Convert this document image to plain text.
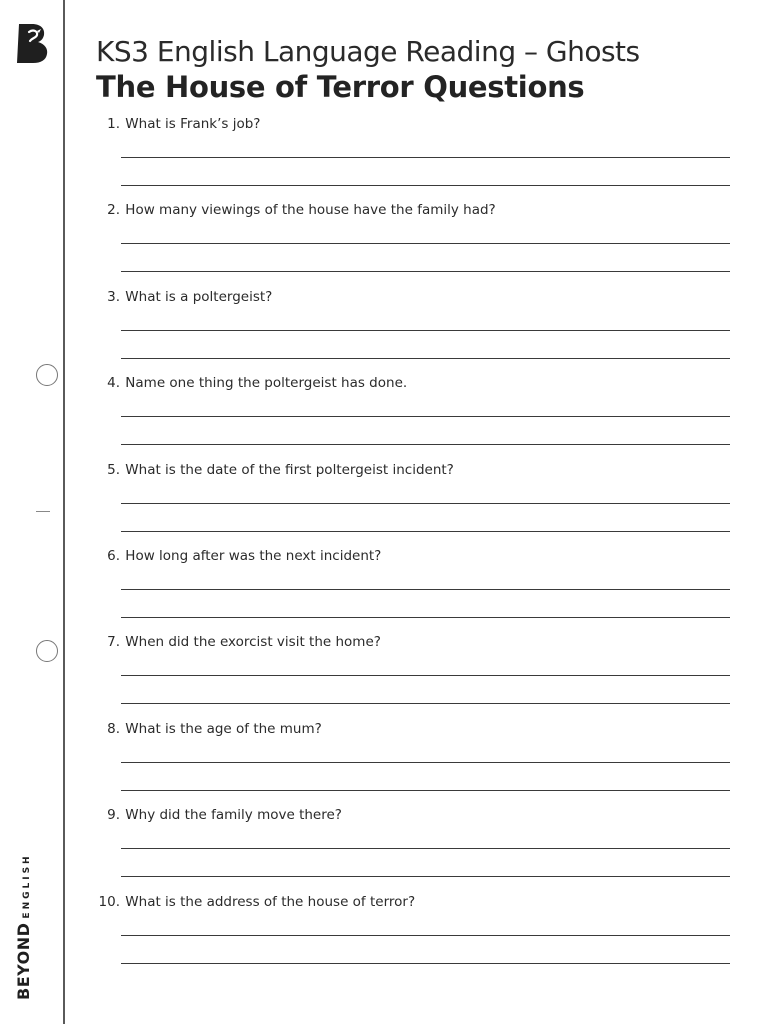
BEYONDENGLISH
KS3 English Language Reading – Ghosts
The House of Terror Questions
1. What is Frank’s job?
2. How many viewings of the house have the family had?
3. What is a poltergeist?
4. Name one thing the poltergeist has done.
5. What is the date of the first poltergeist incident?
6. How long after was the next incident?
7. When did the exorcist visit the home?
8. What is the age of the mum?
9. Why did the family move there?
10. What is the address of the house of terror?
